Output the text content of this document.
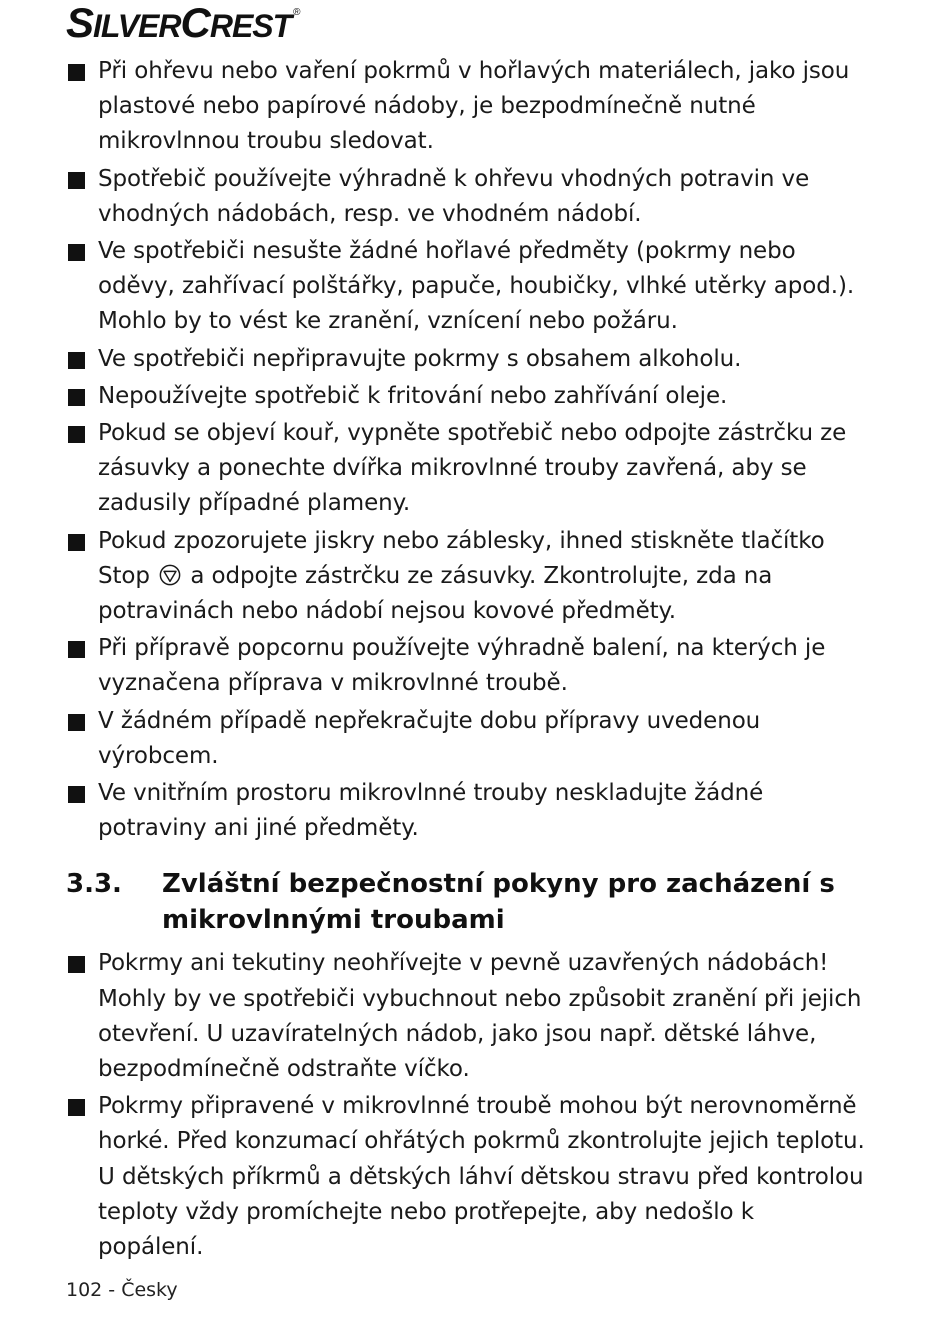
SILVERCREST ®
Při ohřevu nebo vaření pokrmů v hořlavých materiálech, jako jsou plastové nebo papírové nádoby, je bezpodmínečně nutné mikrovlnnou troubu sledovat.
Spotřebič používejte výhradně k ohřevu vhodných potravin ve vhodných nádobách, resp. ve vhodném nádobí.
Ve spotřebiči nesušte žádné hořlavé předměty (pokrmy nebo oděvy, zahřívací polštářky, papuče, houbičky, vlhké utěrky apod.). Mohlo by to vést ke zranění, vznícení nebo požáru.
Ve spotřebiči nepřipravujte pokrmy s obsahem alkoholu.
Nepoužívejte spotřebič k fritování nebo zahřívání oleje.
Pokud se objeví kouř, vypněte spotřebič nebo odpojte zástrčku ze zásuvky a ponechte dvířka mikrovlnné trouby zavřená, aby se zadusily případné plameny.
Pokud zpozorujete jiskry nebo záblesky, ihned stiskněte tlačítko Stop a odpojte zástrčku ze zásuvky. Zkontrolujte, zda na potravinách nebo nádobí nejsou kovové předměty.
Při přípravě popcornu používejte výhradně balení, na kterých je vyznačena příprava v mikrovlnné troubě.
V žádném případě nepřekračujte dobu přípravy uvedenou výrobcem.
Ve vnitřním prostoru mikrovlnné trouby neskladujte žádné potraviny ani jiné předměty.
3.3.	Zvláštní bezpečnostní pokyny pro zacházení s mikrovlnnými troubami
Pokrmy ani tekutiny neohřívejte v pevně uzavřených nádobách! Mohly by ve spotřebiči vybuchnout nebo způsobit zranění při jejich otevření. U uzavíratelných nádob, jako jsou např. dětské láhve, bezpodmínečně odstraňte víčko.
Pokrmy připravené v mikrovlnné troubě mohou být nerovnoměrně horké. Před konzumací ohřátých pokrmů zkontrolujte jejich teplotu. U dětských příkrmů a dětských láhví dětskou stravu před kontrolou teploty vždy promíchejte nebo protřepejte, aby nedošlo k popálení.
102 - Česky
